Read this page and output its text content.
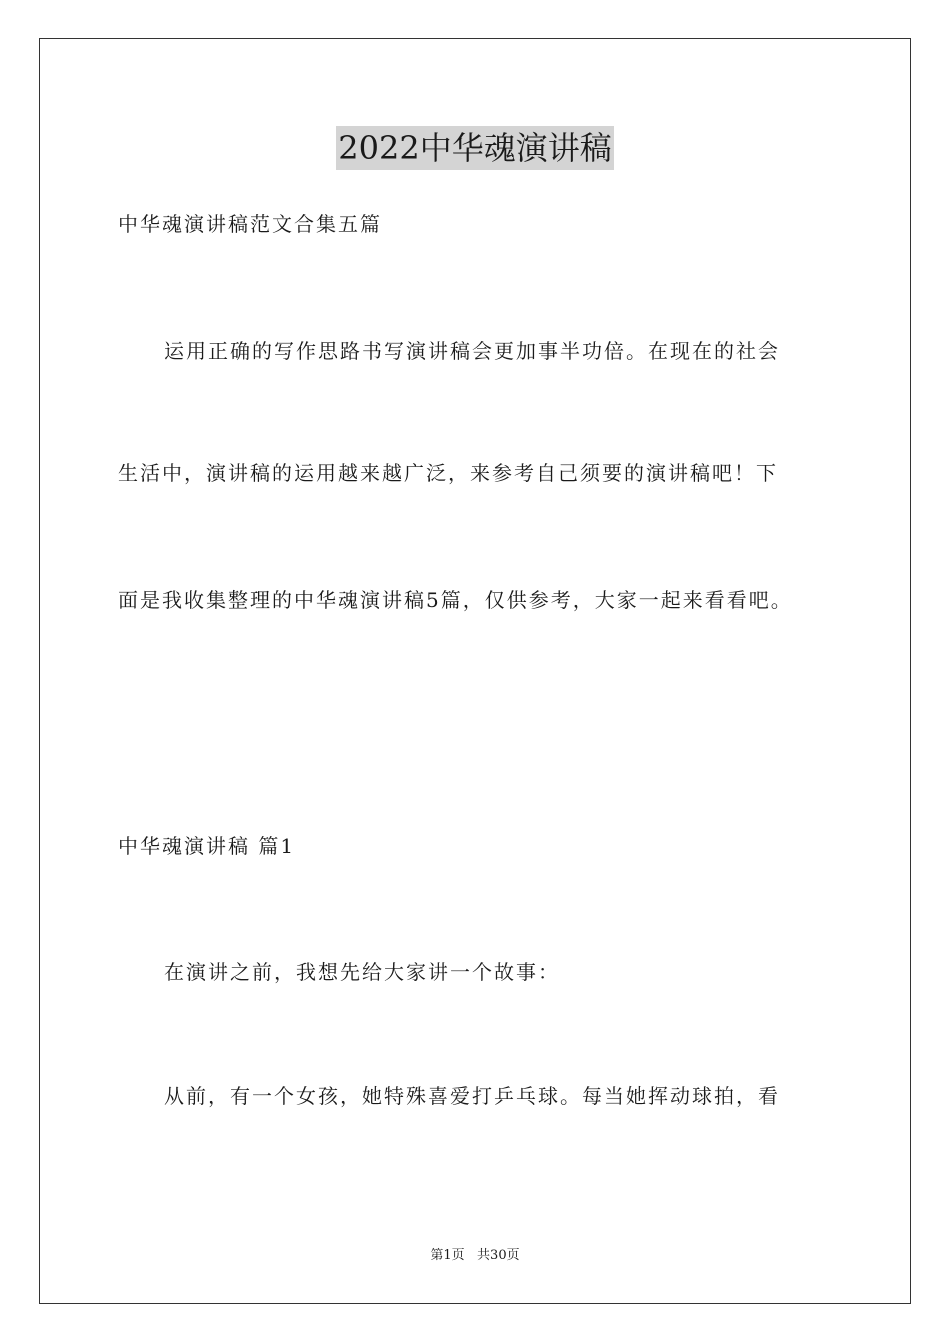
2022中华魂演讲稿
中华魂演讲稿范文合集五篇
运用正确的写作思路书写演讲稿会更加事半功倍。在现在的社会
生活中，演讲稿的运用越来越广泛，来参考自己须要的演讲稿吧！下
面是我收集整理的中华魂演讲稿5篇，仅供参考，大家一起来看看吧。
中华魂演讲稿 篇1
在演讲之前，我想先给大家讲一个故事：
从前，有一个女孩，她特殊喜爱打乒乓球。每当她挥动球拍，看
第1页   共30页
